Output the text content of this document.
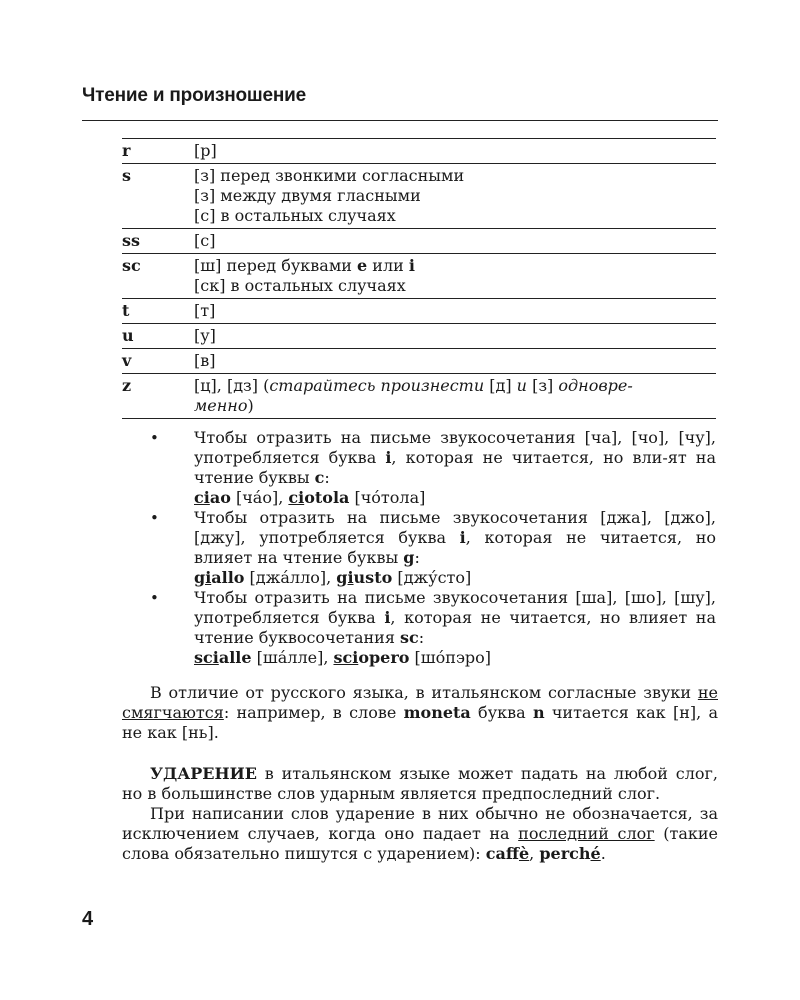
Чтение и произношение
r	[р]
s	[з] перед звонкими согласными
[з] между двумя гласными
[с] в остальных случаях
ss	[с]
sc	[ш] перед буквами e или i
[ск] в остальных случаях
t	[т]
u	[у]
v	[в]
z	[ц], [дз] (старайтесь произнести [д] и [з] одновре-
менно)
•	Чтобы отразить на письме звукосочетания [ча], [чо], [чу], употребляется буква i, которая не читается, но вли-ят на чтение буквы c:
ciao [ча́о], ciotola [чо́тола]
•	Чтобы отразить на письме звукосочетания [джа], [джо], [джу], употребляется буква i, которая не читается, но влияет на чтение буквы g:
giallo [джа́лло], giusto [джу́сто]
•	Чтобы отразить на письме звукосочетания [ша], [шо], [шу], употребляется буква i, которая не читается, но влияет на чтение буквосочетания sc:
scialle [ша́лле], sciopero [шо́пэро]
В отличие от русского языка, в итальянском согласные звуки не смягчаются: например, в слове moneta буква n читается как [н], а не как [нь].
УДАРЕНИЕ в итальянском языке может падать на любой слог, но в большинстве слов ударным является предпоследний слог.
При написании слов ударение в них обычно не обозначается, за исключением случаев, когда оно падает на последний слог (такие слова обязательно пишутся с ударением): caffè, perché.
4
